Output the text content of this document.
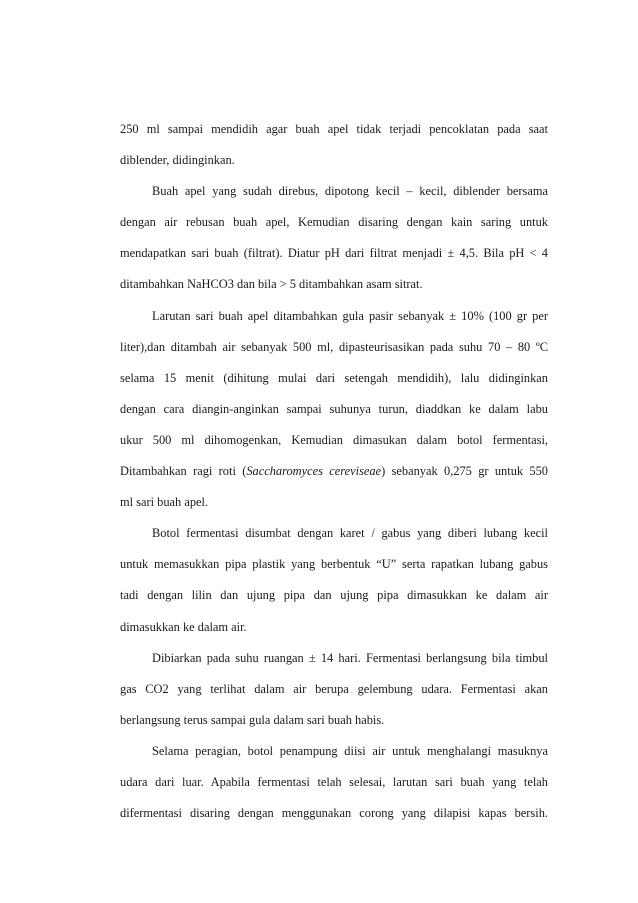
250 ml sampai mendidih agar buah apel tidak terjadi pencoklatan pada saat
diblender, didinginkan.
Buah apel yang sudah direbus, dipotong kecil – kecil, diblender bersama
dengan air rebusan buah apel, Kemudian disaring dengan kain saring untuk
mendapatkan sari buah (filtrat). Diatur pH dari filtrat menjadi ± 4,5. Bila pH < 4
ditambahkan NaHCO3 dan bila > 5 ditambahkan asam sitrat.
Larutan sari buah apel ditambahkan gula pasir sebanyak ± 10% (100 gr per
liter),dan ditambah air sebanyak 500 ml, dipasteurisasikan pada suhu 70 – 80 ºC
selama 15 menit (dihitung mulai dari setengah mendidih), lalu didinginkan
dengan cara diangin-anginkan sampai suhunya turun, diaddkan ke dalam labu
ukur 500 ml dihomogenkan, Kemudian dimasukan dalam botol fermentasi,
Ditambahkan ragi roti (Saccharomyces cereviseae) sebanyak 0,275 gr untuk 550
ml sari buah apel.
Botol fermentasi disumbat dengan karet / gabus yang diberi lubang kecil
untuk memasukkan pipa plastik yang berbentuk “U” serta rapatkan lubang gabus
tadi dengan lilin dan ujung pipa dan ujung pipa dimasukkan ke dalam air
dimasukkan ke dalam air.
Dibiarkan pada suhu ruangan ± 14 hari. Fermentasi berlangsung bila timbul
gas CO2 yang terlihat dalam air berupa gelembung udara. Fermentasi akan
berlangsung terus sampai gula dalam sari buah habis.
Selama peragian, botol penampung diisi air untuk menghalangi masuknya
udara dari luar. Apabila fermentasi telah selesai, larutan sari buah yang telah
difermentasi disaring dengan menggunakan corong yang dilapisi kapas bersih.
